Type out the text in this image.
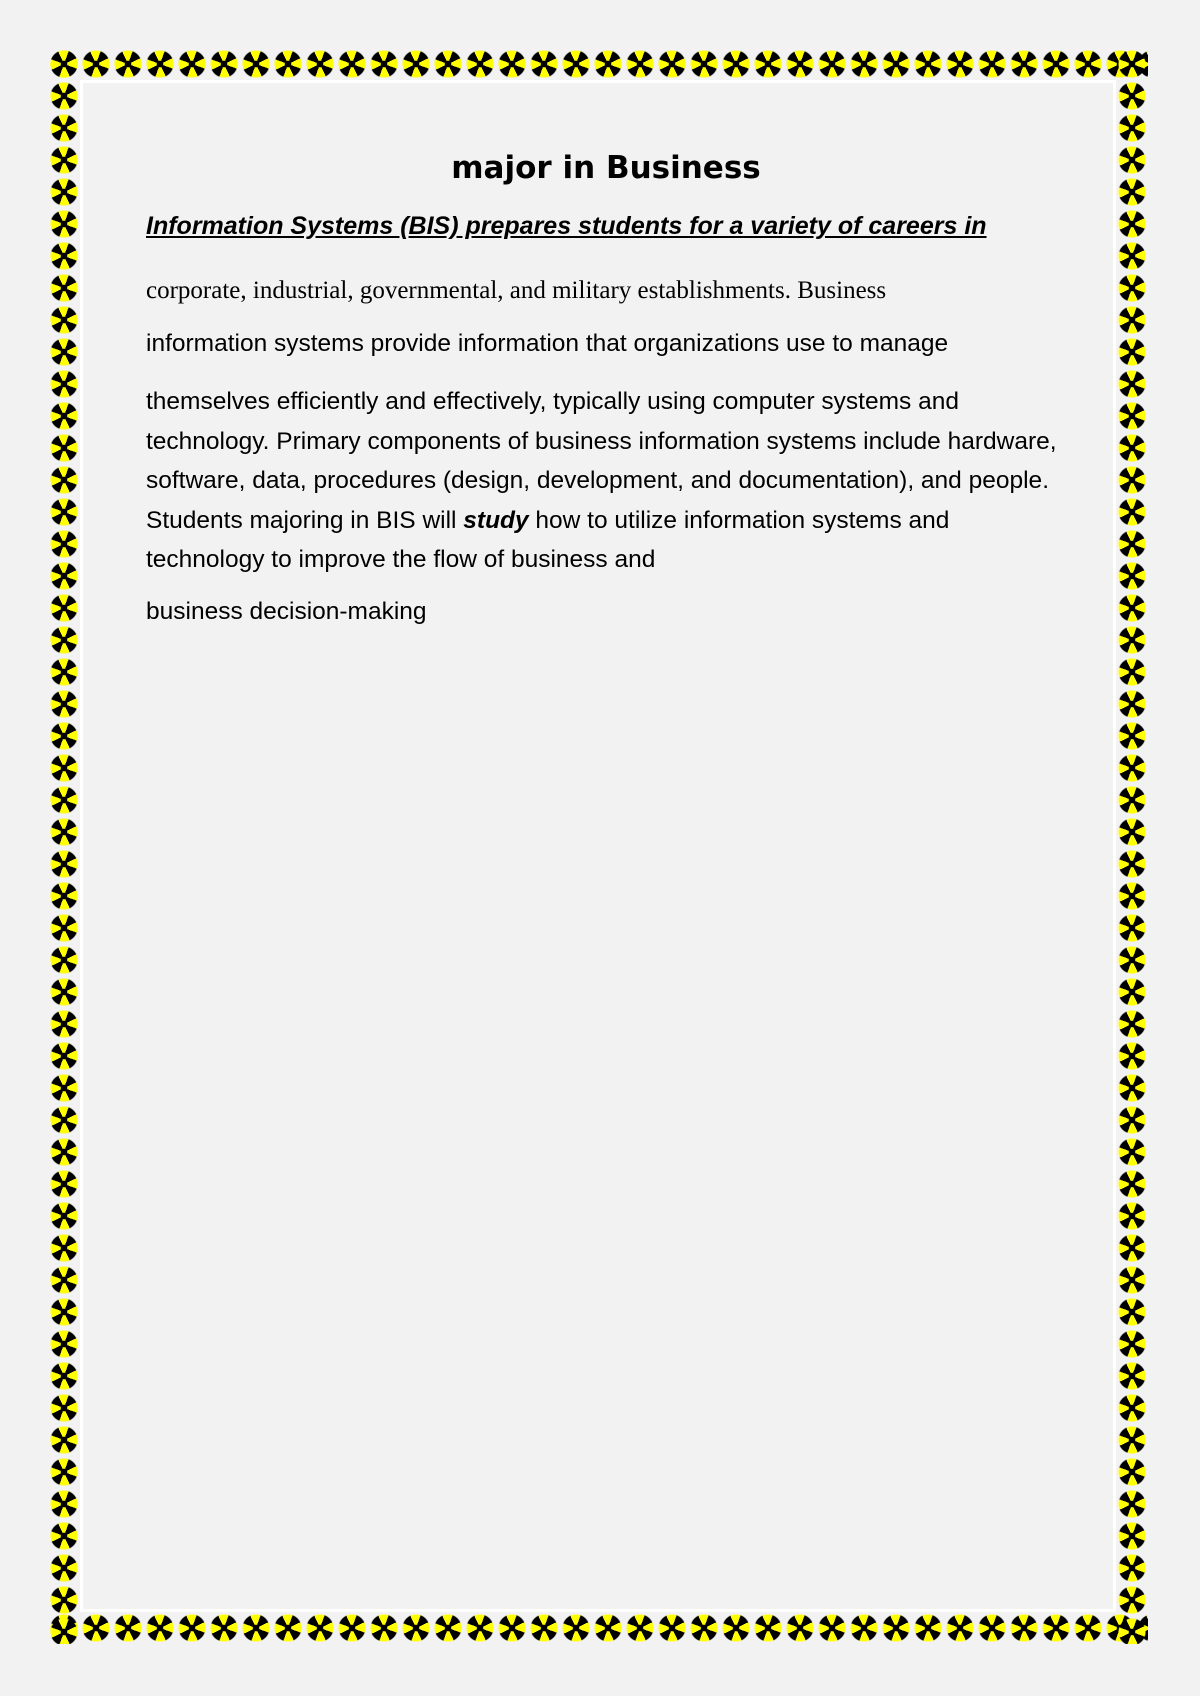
major in Business

Information Systems (BIS) prepares students for a variety of careers in

corporate, industrial, governmental, and military establishments. Business

information systems provide information that organizations use to manage

themselves efficiently and effectively, typically using computer systems and technology. Primary components of business information systems include hardware, software, data, procedures (design, development, and documentation), and people. Students majoring in BIS will study how to utilize information systems and technology to improve the flow of business and

business decision-making
